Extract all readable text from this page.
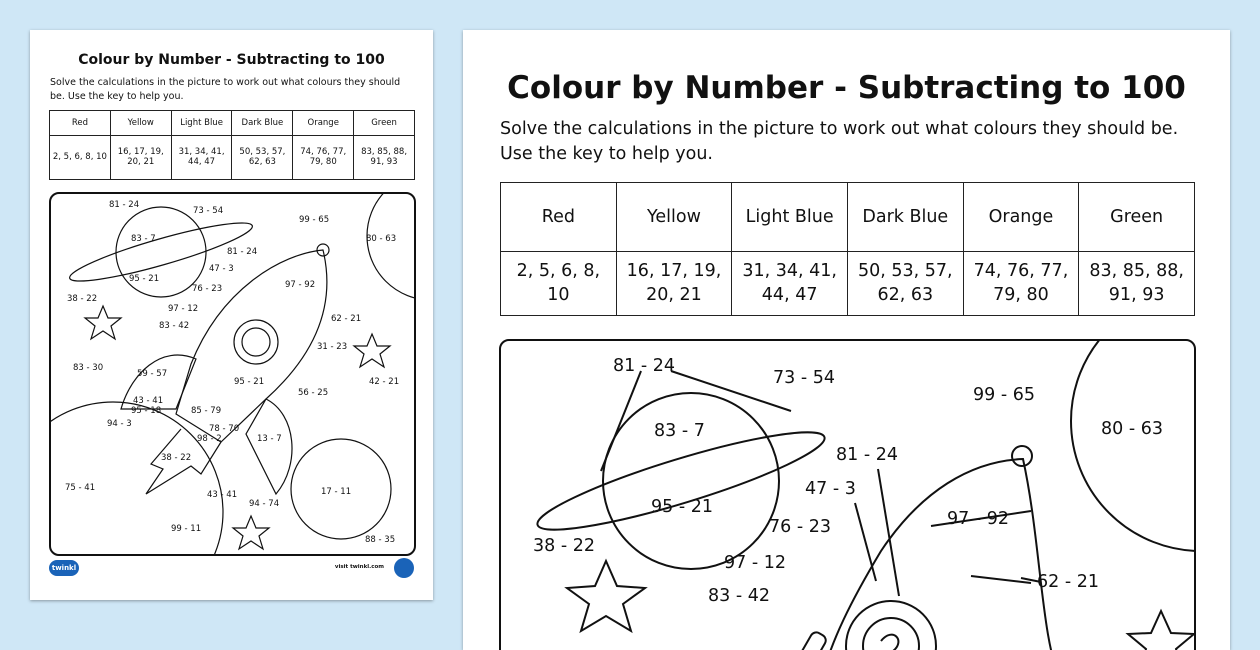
Colour by Number - Subtracting to 100
Solve the calculations in the picture to work out what colours they should be. Use the key to help you.
Red	Yellow	Light Blue	Dark Blue	Orange	Green
2, 5, 6, 8, 10	16, 17, 19, 20, 21	31, 34, 41, 44, 47	50, 53, 57, 62, 63	74, 76, 77, 79, 80	83, 85, 88, 91, 93
81 - 24
73 - 54
99 - 65
80 - 63
83 - 7
81 - 24
47 - 3
97 - 92
95 - 21
76 - 23
38 - 22
97 - 12
62 - 21
83 - 42
31 - 23
83 - 30
59 - 57
42 - 21
95 - 21
56 - 25
43 - 41
95 - 18	85 - 79
94 - 3	78 - 70
98 - 2	13 - 7
38 - 22
75 - 41	17 - 11
43 - 41
94 - 74
99 - 11
88 - 35
twinkl	visit twinkl.com
Colour by Number - Subtracting to 100
Solve the calculations in the picture to work out what colours they should be. Use the key to help you.
Red	Yellow	Light Blue	Dark Blue	Orange	Green
2, 5, 6, 8, 10	16, 17, 19, 20, 21	31, 34, 41, 44, 47	50, 53, 57, 62, 63	74, 76, 77, 79, 80	83, 85, 88, 91, 93
81 - 24
73 - 54
99 - 65
80 - 63
83 - 7
81 - 24
47 - 3
97 - 92
95 - 21
76 - 23
38 - 22
97 - 12
62 - 21
83 - 42
